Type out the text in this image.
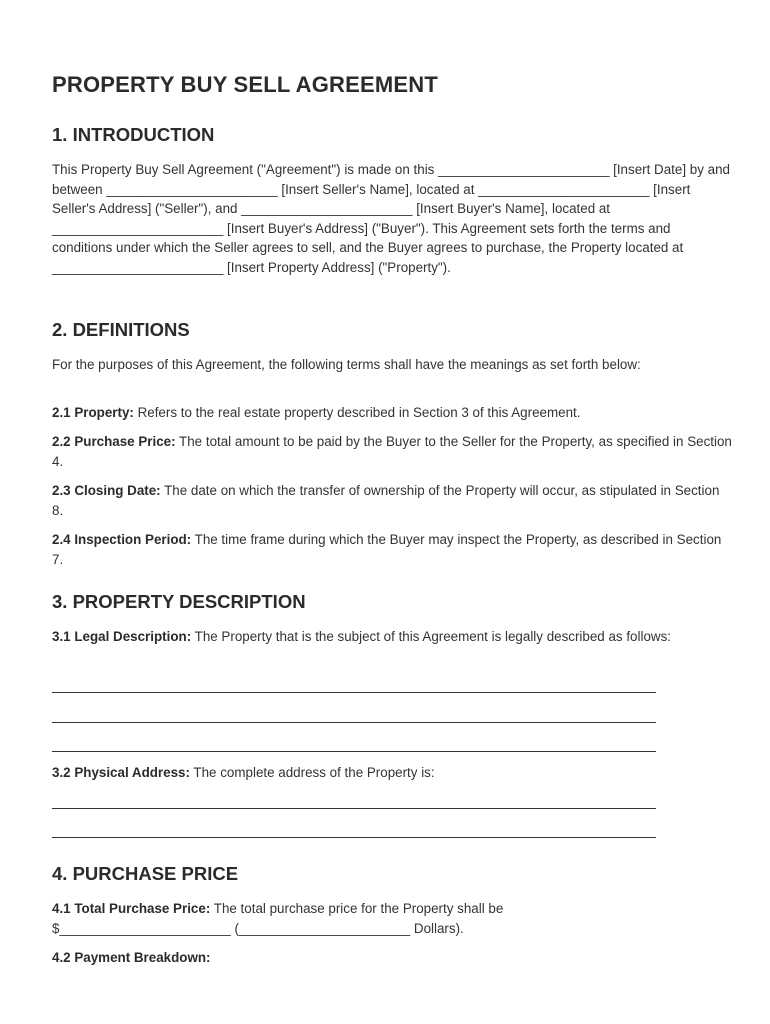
PROPERTY BUY SELL AGREEMENT
1. INTRODUCTION

This Property Buy Sell Agreement ("Agreement") is made on this _______________________ [Insert Date] by and between _______________________ [Insert Seller's Name], located at _______________________ [Insert Seller's Address] ("Seller"), and _______________________ [Insert Buyer's Name], located at _______________________ [Insert Buyer's Address] ("Buyer"). This Agreement sets forth the terms and conditions under which the Seller agrees to sell, and the Buyer agrees to purchase, the Property located at _______________________ [Insert Property Address] ("Property").

2. DEFINITIONS

For the purposes of this Agreement, the following terms shall have the meanings as set forth below:

2.1 Property: Refers to the real estate property described in Section 3 of this Agreement.

2.2 Purchase Price: The total amount to be paid by the Buyer to the Seller for the Property, as specified in Section 4.

2.3 Closing Date: The date on which the transfer of ownership of the Property will occur, as stipulated in Section 8.

2.4 Inspection Period: The time frame during which the Buyer may inspect the Property, as described in Section 7.

3. PROPERTY DESCRIPTION

3.1 Legal Description: The Property that is the subject of this Agreement is legally described as follows:

3.2 Physical Address: The complete address of the Property is:

4. PURCHASE PRICE

4.1 Total Purchase Price: The total purchase price for the Property shall be $_______________________ (_______________________ Dollars).

4.2 Payment Breakdown:
